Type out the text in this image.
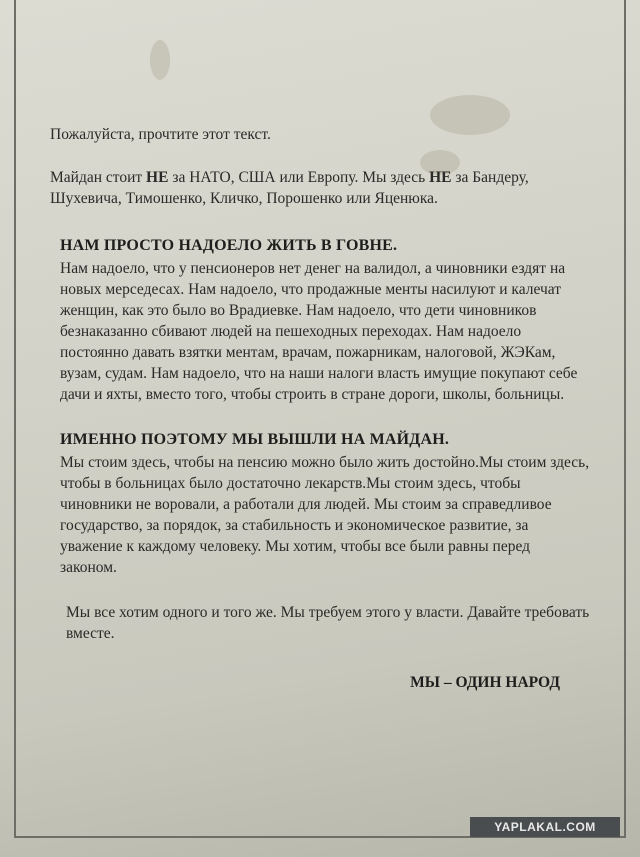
Пожалуйста, прочтите этот текст.

Майдан стоит НЕ за НАТО, США или Европу. Мы здесь НЕ за Бандеру, Шухевича, Тимошенко, Кличко, Порошенко или Яценюка.

НАМ ПРОСТО НАДОЕЛО ЖИТЬ В ГОВНЕ.

Нам надоело, что у пенсионеров нет денег на валидол, а чиновники ездят на новых мерседесах. Нам надоело, что продажные менты насилуют и калечат женщин, как это было во Врадиевке. Нам надоело, что дети чиновников безнаказанно сбивают людей на пешеходных переходах. Нам надоело постоянно давать взятки ментам, врачам, пожарникам, налоговой, ЖЭКам, вузам, судам. Нам надоело, что на наши налоги власть имущие покупают себе дачи и яхты, вместо того, чтобы строить в стране дороги, школы, больницы.

ИМЕННО ПОЭТОМУ МЫ ВЫШЛИ НА МАЙДАН.

Мы стоим здесь, чтобы на пенсию можно было жить достойно.Мы стоим здесь, чтобы в больницах было достаточно лекарств.Мы стоим здесь, чтобы чиновники не воровали, а работали для людей. Мы стоим за справедливое государство, за порядок, за стабильность и экономическое развитие, за уважение к каждому человеку. Мы хотим, чтобы все были равны перед законом.

Мы все хотим одного и того же. Мы требуем этого у власти. Давайте требовать вместе.

МЫ – ОДИН НАРОД

YAPLAKAL.COM
